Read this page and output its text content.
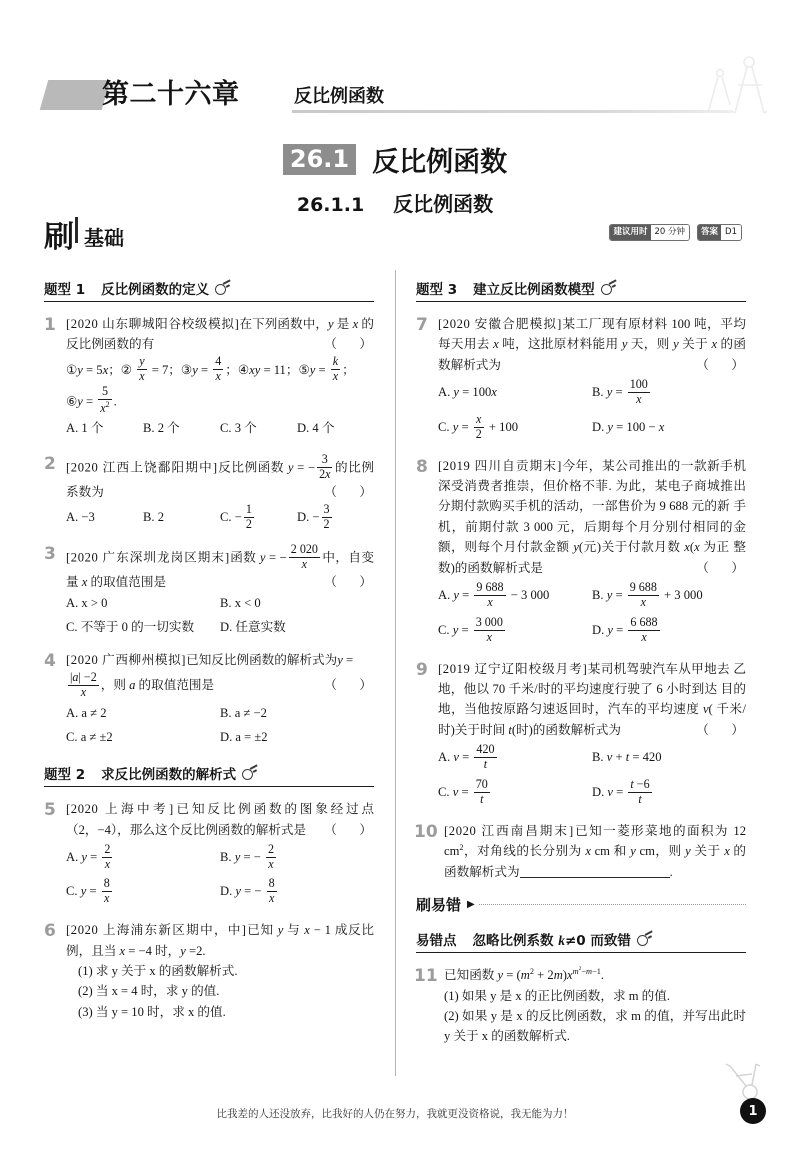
第二十六章	反比例函数
26.1 反比例函数
26.1.1 反比例函数
刷 基础	建议用时 20 分钟	答案 D1
题型 1 反比例函数的定义
1 [2020 山东聊城阳谷校级模拟]在下列函数中，y 是 x 的反比例函数的有	（    ）
①y = 5x；② $\frac{y}{x} = 7$；③y = $\frac{4}{x}$ ；④xy = 11；⑤y = $\frac{k}{x}$ ；
⑥y = $\frac{5}{x^2}$ .
A. 1 个	B. 2 个	C. 3 个	D. 4 个
2 [2020 江西上饶鄱阳期中]反比例函数 y = − $\frac{3}{2x}$ 的比例系数为	（    ）
A. −3	B. 2	C. − $\frac{1}{2}$	D. − $\frac{3}{2}$
3 [2020 广东深圳龙岗区期末]函数 y = − $\frac{2 020}{x}$ 中，自变 量 x 的取值范围是	（    ）
A. x > 0	B. x < 0
C. 不等于 0 的一切实数	D. 任意实数
4 [2020 广西柳州模拟]已知反比例函数的解析式为y =
$\frac{|a| -2}{x}$ ，则 a 的取值范围是	（    ）
A. a ≠ 2	B. a ≠ −2
C. a ≠ ±2	D. a = ±2
题型 2 求反比例函数的解析式
5 [2020 上海中考]已知反比例函数的图象经过点 （2，−4），那么这个反比例函数的解析式是 （    ）
A. $y = \frac{2}{x}$	B. y = − $\frac{2}{x}$
C. $y = \frac{8}{x}$	D. y = − $\frac{8}{x}$
6 [2020 上海浦东新区期中，中]已知 y 与 x − 1 成反比 例，且当 x = −4 时，y =2.
(1) 求 y 关于 x 的函数解析式.
(2) 当 x = 4 时，求 y 的值.
(3) 当 y = 10 时，求 x 的值.
题型 3 建立反比例函数模型
7 [2020 安徽合肥模拟]某工厂现有原材料 100 吨，平均 每天用去 x 吨，这批原材料能用 y 天，则 y 关于 x 的函 数解析式为	（    ）
A. y = 100x	B. $y = \frac{100}{x}$
C. $y = \frac{x}{2} + 100$	D. y = 100 − x
8 [2019 四川自贡期末]今年，某公司推出的一款新手机 深受消费者推崇，但价格不菲. 为此，某电子商城推出 分期付款购买手机的活动，一部售价为 9 688 元的新 手机，前期付款 3 000 元，后期每个月分别付相同的金 额，则每个月付款金额 y(元)关于付款月数 x(x 为正 整数)的函数解析式是	（    ）
A. $y = \frac{9 688}{x} - 3$ 000	B. $y = \frac{9 688}{x} + 3$ 000
C. $y = \frac{3 000}{x}$	D. $y = \frac{6 688}{x}$
9 [2019 辽宁辽阳校级月考]某司机驾驶汽车从甲地去 乙地，他以 70 千米/时的平均速度行驶了 6 小时到达 目的地，当他按原路匀速返回时，汽车的平均速度 v( 千米/时)关于时间 t(时)的函数解析式为	（    ）
A. $v = \frac{420}{t}$	B. v + t = 420
C. $v = \frac{70}{t}$	D. $v = \frac{t -6}{t}$
10 [2020 江西南昌期末]已知一菱形菜地的面积为 12 $cm^2$，对角线的长分别为 x cm 和 y cm，则 y 关于 x 的函数解析式为	.
刷易错 ▶
易错点 忽略比例系数 k≠0 而致错
11 已知函数 $y = (m^2 + 2m)x^{m^2-m-1}$.
(1) 如果 y 是 x 的正比例函数，求 m 的值.
(2) 如果 y 是 x 的反比例函数，求 m 的值，并写出此时 y 关于 x 的函数解析式.
比我差的人还没放弃，比我好的人仍在努力，我就更没资格说，我无能为力！	1
